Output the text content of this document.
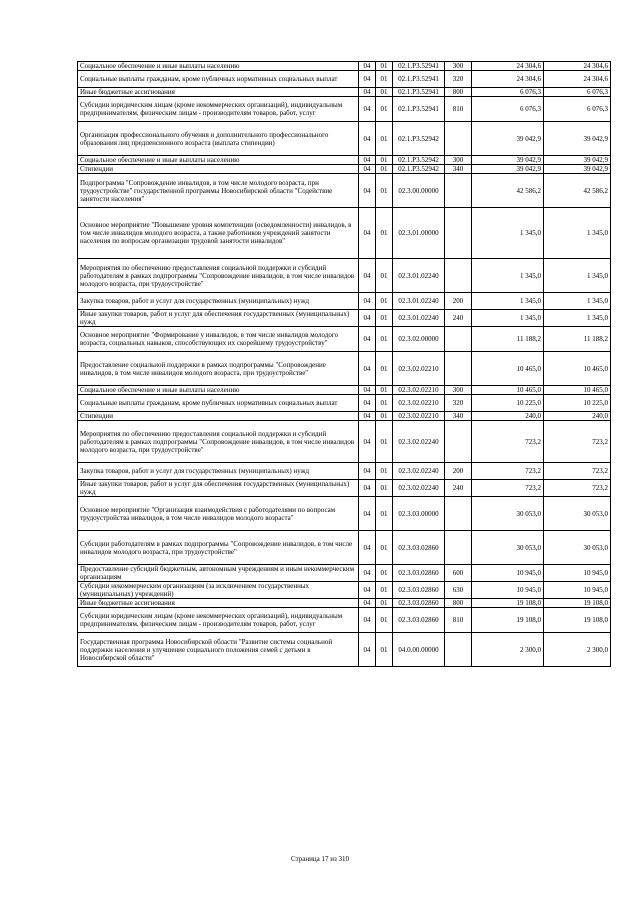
Социальное обеспечение и иные выплаты населению	04	01	02.1.P3.52941	300	24 304,6	24 304,6
Социальные выплаты гражданам, кроме публичных нормативных социальных выплат	04	01	02.1.P3.52941	320	24 304,6	24 304,6
Иные бюджетные ассигнования	04	01	02.1.P3.52941	800	6 076,3	6 076,3
Субсидии юридическим лицам (кроме некоммерческих организаций), индивидуальным предпринимателям, физическим лицам - производителям товаров, работ, услуг	04	01	02.1.P3.52941	810	6 076,3	6 076,3
Организация профессионального обучения и дополнительного профессионального образования лиц предпенсионного возраста (выплата стипендии)	04	01	02.1.P3.52942		39 042,9	39 042,9
Социальное обеспечение и иные выплаты населению	04	01	02.1.P3.52942	300	39 042,9	39 042,9
Стипендии	04	01	02.1.P3.52942	340	39 042,9	39 042,9
Подпрограмма "Сопровождение инвалидов, в том числе молодого возраста, при трудоустройстве" государственной программы Новосибирской области "Содействие занятости населения"	04	01	02.3.00.00000		42 586,2	42 586,2
Основное мероприятие "Повышение уровня компетенции (осведомленности) инвалидов, в том числе инвалидов молодого возраста, а также работников учреждений занятости населения по вопросам организации трудовой занятости инвалидов"	04	01	02.3.01.00000		1 345,0	1 345,0
Мероприятия по обеспечению предоставления социальной поддержки и субсидий работодателям в рамках подпрограммы "Сопровождение инвалидов, в том числе инвалидов молодого возраста, при трудоустройстве"	04	01	02.3.01.02240		1 345,0	1 345,0
Закупка товаров, работ и услуг для государственных (муниципальных) нужд	04	01	02.3.01.02240	200	1 345,0	1 345,0
Иные закупки товаров, работ и услуг для обеспечения государственных (муниципальных) нужд	04	01	02.3.01.02240	240	1 345,0	1 345,0
Основное мероприятие "Формирование у инвалидов, в том числе инвалидов молодого возраста, социальных навыков, способствующих их скорейшему трудоустройству"	04	01	02.3.02.00000		11 188,2	11 188,2
Предоставление социальной поддержки в рамках подпрограммы "Сопровождение инвалидов, в том числе инвалидов молодого возраста, при трудоустройстве"	04	01	02.3.02.02210		10 465,0	10 465,0
Социальное обеспечение и иные выплаты населению	04	01	02.3.02.02210	300	10 465,0	10 465,0
Социальные выплаты гражданам, кроме публичных нормативных социальных выплат	04	01	02.3.02.02210	320	10 225,0	10 225,0
Стипендии	04	01	02.3.02.02210	340	240,0	240,0
Мероприятия по обеспечению предоставления социальной поддержки и субсидий работодателям в рамках подпрограммы "Сопровождение инвалидов, в том числе инвалидов молодого возраста, при трудоустройстве"	04	01	02.3.02.02240		723,2	723,2
Закупка товаров, работ и услуг для государственных (муниципальных) нужд	04	01	02.3.02.02240	200	723,2	723,2
Иные закупки товаров, работ и услуг для обеспечения государственных (муниципальных) нужд	04	01	02.3.02.02240	240	723,2	723,2
Основное мероприятие "Организация взаимодействия с работодателями по вопросам трудоустройства инвалидов, в том числе инвалидов молодого возраста"	04	01	02.3.03.00000		30 053,0	30 053,0
Субсидии работодателям в рамках подпрограммы "Сопровождение инвалидов, в том числе инвалидов молодого возраста, при трудоустройстве"	04	01	02.3.03.02860		30 053,0	30 053,0
Предоставление субсидий бюджетным, автономным учреждениям и иным некоммерческим организациям	04	01	02.3.03.02860	600	10 945,0	10 945,0
Субсидии некоммерческим организациям (за исключением государственных (муниципальных) учреждений)	04	01	02.3.03.02860	630	10 945,0	10 945,0
Иные бюджетные ассигнования	04	01	02.3.03.02860	800	19 108,0	19 108,0
Субсидии юридическим лицам (кроме некоммерческих организаций), индивидуальным предпринимателям, физическим лицам - производителям товаров, работ, услуг	04	01	02.3.03.02860	810	19 108,0	19 108,0
Государственная программа Новосибирской области "Развитие системы социальной поддержки населения и улучшение социального положения семей с детьми в Новосибирской области"	04	01	04.0.00.00000		2 300,0	2 300,0
Страница 17 из 310
